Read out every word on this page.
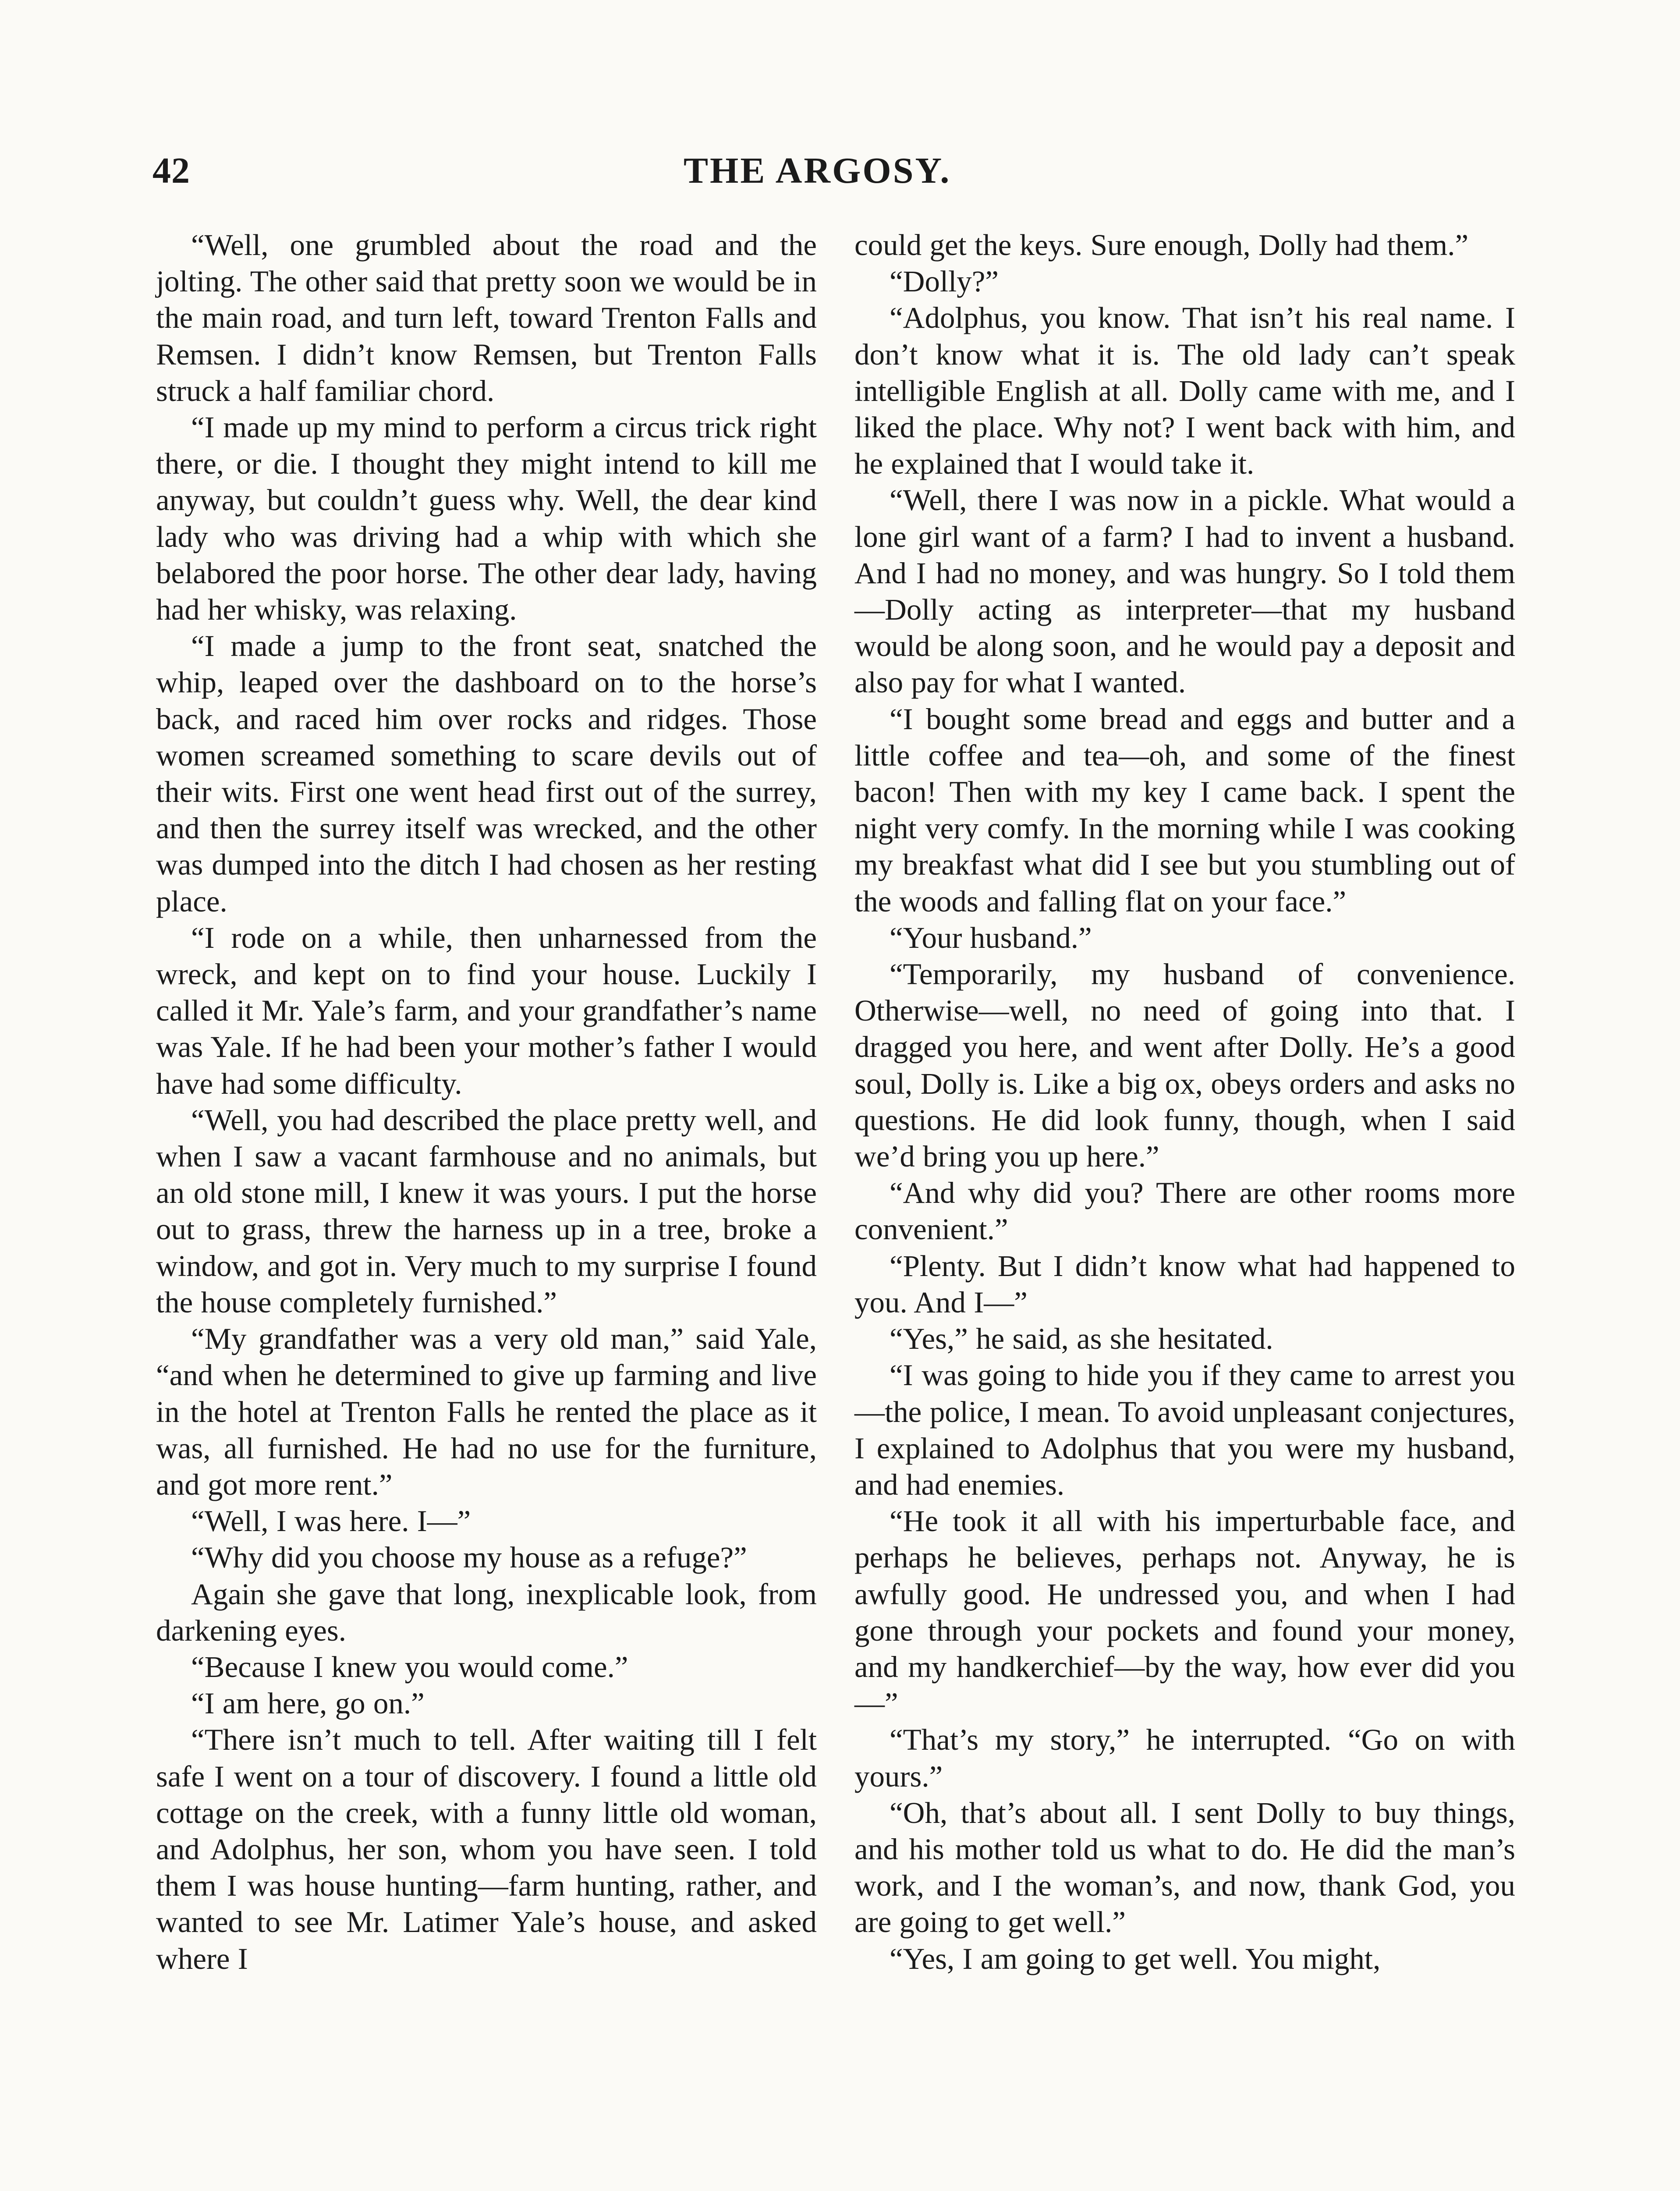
42	THE ARGOSY.

“Well, one grumbled about the road and the jolting. The other said that pretty soon we would be in the main road, and turn left, toward Trenton Falls and Remsen. I didn’t know Remsen, but Trenton Falls struck a half familiar chord.

“I made up my mind to perform a circus trick right there, or die. I thought they might intend to kill me anyway, but couldn’t guess why. Well, the dear kind lady who was driving had a whip with which she belabored the poor horse. The other dear lady, having had her whisky, was relaxing.

“I made a jump to the front seat, snatched the whip, leaped over the dashboard on to the horse’s back, and raced him over rocks and ridges. Those women screamed something to scare devils out of their wits. First one went head first out of the surrey, and then the surrey itself was wrecked, and the other was dumped into the ditch I had chosen as her resting place.

“I rode on a while, then unharnessed from the wreck, and kept on to find your house. Luckily I called it Mr. Yale’s farm, and your grandfather’s name was Yale. If he had been your mother’s father I would have had some difficulty.

“Well, you had described the place pretty well, and when I saw a vacant farmhouse and no animals, but an old stone mill, I knew it was yours. I put the horse out to grass, threw the harness up in a tree, broke a window, and got in. Very much to my surprise I found the house completely furnished.”

“My grandfather was a very old man,” said Yale, “and when he determined to give up farming and live in the hotel at Trenton Falls he rented the place as it was, all furnished. He had no use for the furniture, and got more rent.”

“Well, I was here. I—”

“Why did you choose my house as a refuge?”

Again she gave that long, inexplicable look, from darkening eyes.

“Because I knew you would come.”

“I am here, go on.”

“There isn’t much to tell. After waiting till I felt safe I went on a tour of discovery. I found a little old cottage on the creek, with a funny little old woman, and Adolphus, her son, whom you have seen. I told them I was house hunting—farm hunting, rather, and wanted to see Mr. Latimer Yale’s house, and asked where I

could get the keys. Sure enough, Dolly had them.”

“Dolly?”

“Adolphus, you know. That isn’t his real name. I don’t know what it is. The old lady can’t speak intelligible English at all. Dolly came with me, and I liked the place. Why not? I went back with him, and he explained that I would take it.

“Well, there I was now in a pickle. What would a lone girl want of a farm? I had to invent a husband. And I had no money, and was hungry. So I told them—Dolly acting as interpreter—that my husband would be along soon, and he would pay a deposit and also pay for what I wanted.

“I bought some bread and eggs and butter and a little coffee and tea—oh, and some of the finest bacon! Then with my key I came back. I spent the night very comfy. In the morning while I was cooking my breakfast what did I see but you stumbling out of the woods and falling flat on your face.”

“Your husband.”

“Temporarily, my husband of convenience. Otherwise—well, no need of going into that. I dragged you here, and went after Dolly. He’s a good soul, Dolly is. Like a big ox, obeys orders and asks no questions. He did look funny, though, when I said we’d bring you up here.”

“And why did you? There are other rooms more convenient.”

“Plenty. But I didn’t know what had happened to you. And I—”

“Yes,” he said, as she hesitated.

“I was going to hide you if they came to arrest you—the police, I mean. To avoid unpleasant conjectures, I explained to Adolphus that you were my husband, and had enemies.

“He took it all with his imperturbable face, and perhaps he believes, perhaps not. Anyway, he is awfully good. He undressed you, and when I had gone through your pockets and found your money, and my handkerchief—by the way, how ever did you—”

“That’s my story,” he interrupted. “Go on with yours.”

“Oh, that’s about all. I sent Dolly to buy things, and his mother told us what to do. He did the man’s work, and I the woman’s, and now, thank God, you are going to get well.”

“Yes, I am going to get well. You might,
